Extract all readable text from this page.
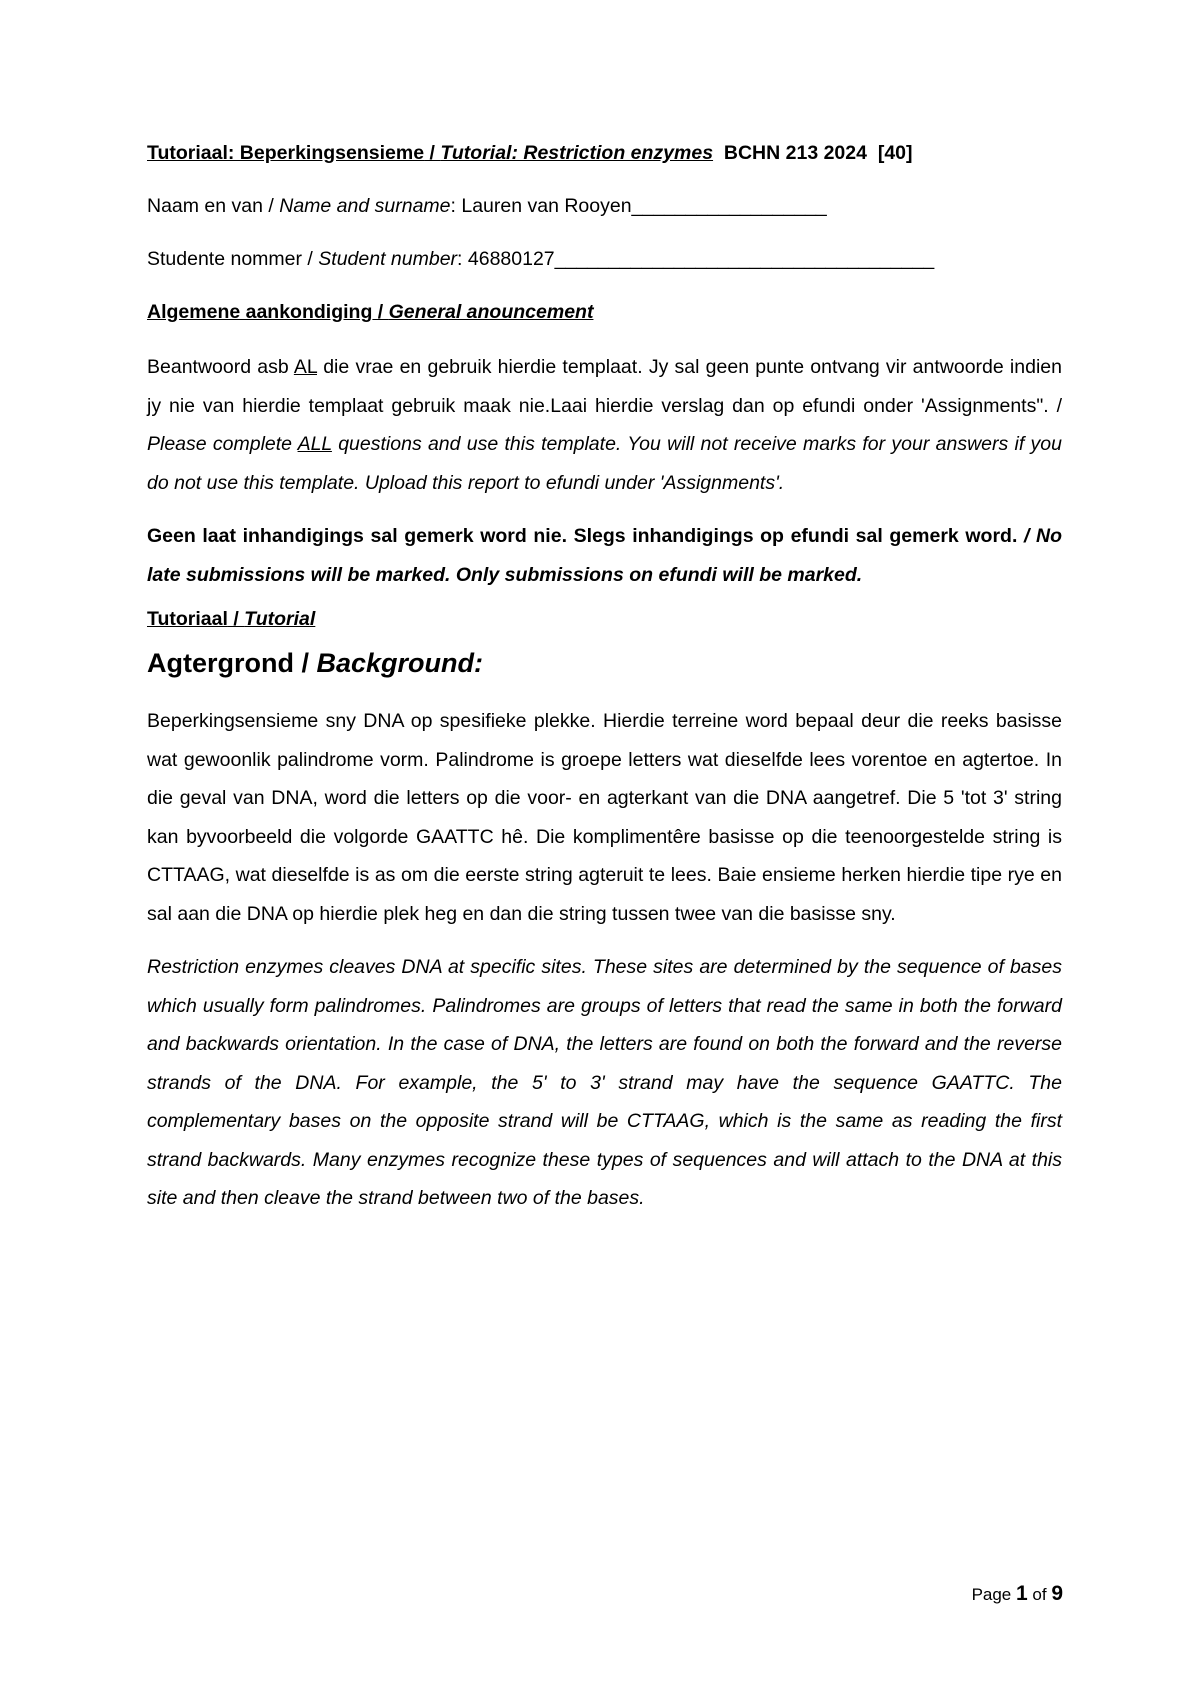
Tutoriaal: Beperkingsensieme / Tutorial: Restriction enzymes BCHN 213 2024 [40]

Naam en van / Name and surname: Lauren van Rooyen__________________

Studente nommer / Student number: 46880127___________________________________

Algemene aankondiging / General anouncement

Beantwoord asb AL die vrae en gebruik hierdie templaat. Jy sal geen punte ontvang vir antwoorde indien jy nie van hierdie templaat gebruik maak nie.Laai hierdie verslag dan op efundi onder 'Assignments". / Please complete ALL questions and use this template. You will not receive marks for your answers if you do not use this template. Upload this report to efundi under 'Assignments'.

Geen laat inhandigings sal gemerk word nie. Slegs inhandigings op efundi sal gemerk word. / No late submissions will be marked. Only submissions on efundi will be marked.

Tutoriaal / Tutorial

Agtergrond / Background:

Beperkingsensieme sny DNA op spesifieke plekke. Hierdie terreine word bepaal deur die reeks basisse wat gewoonlik palindrome vorm. Palindrome is groepe letters wat dieselfde lees vorentoe en agtertoe. In die geval van DNA, word die letters op die voor- en agterkant van die DNA aangetref. Die 5 'tot 3' string kan byvoorbeeld die volgorde GAATTC hê. Die komplimentêre basisse op die teenoorgestelde string is CTTAAG, wat dieselfde is as om die eerste string agteruit te lees. Baie ensieme herken hierdie tipe rye en sal aan die DNA op hierdie plek heg en dan die string tussen twee van die basisse sny.

Restriction enzymes cleaves DNA at specific sites. These sites are determined by the sequence of bases which usually form palindromes. Palindromes are groups of letters that read the same in both the forward and backwards orientation. In the case of DNA, the letters are found on both the forward and the reverse strands of the DNA. For example, the 5' to 3' strand may have the sequence GAATTC. The complementary bases on the opposite strand will be CTTAAG, which is the same as reading the first strand backwards. Many enzymes recognize these types of sequences and will attach to the DNA at this site and then cleave the strand between two of the bases.

Page 1 of 9
